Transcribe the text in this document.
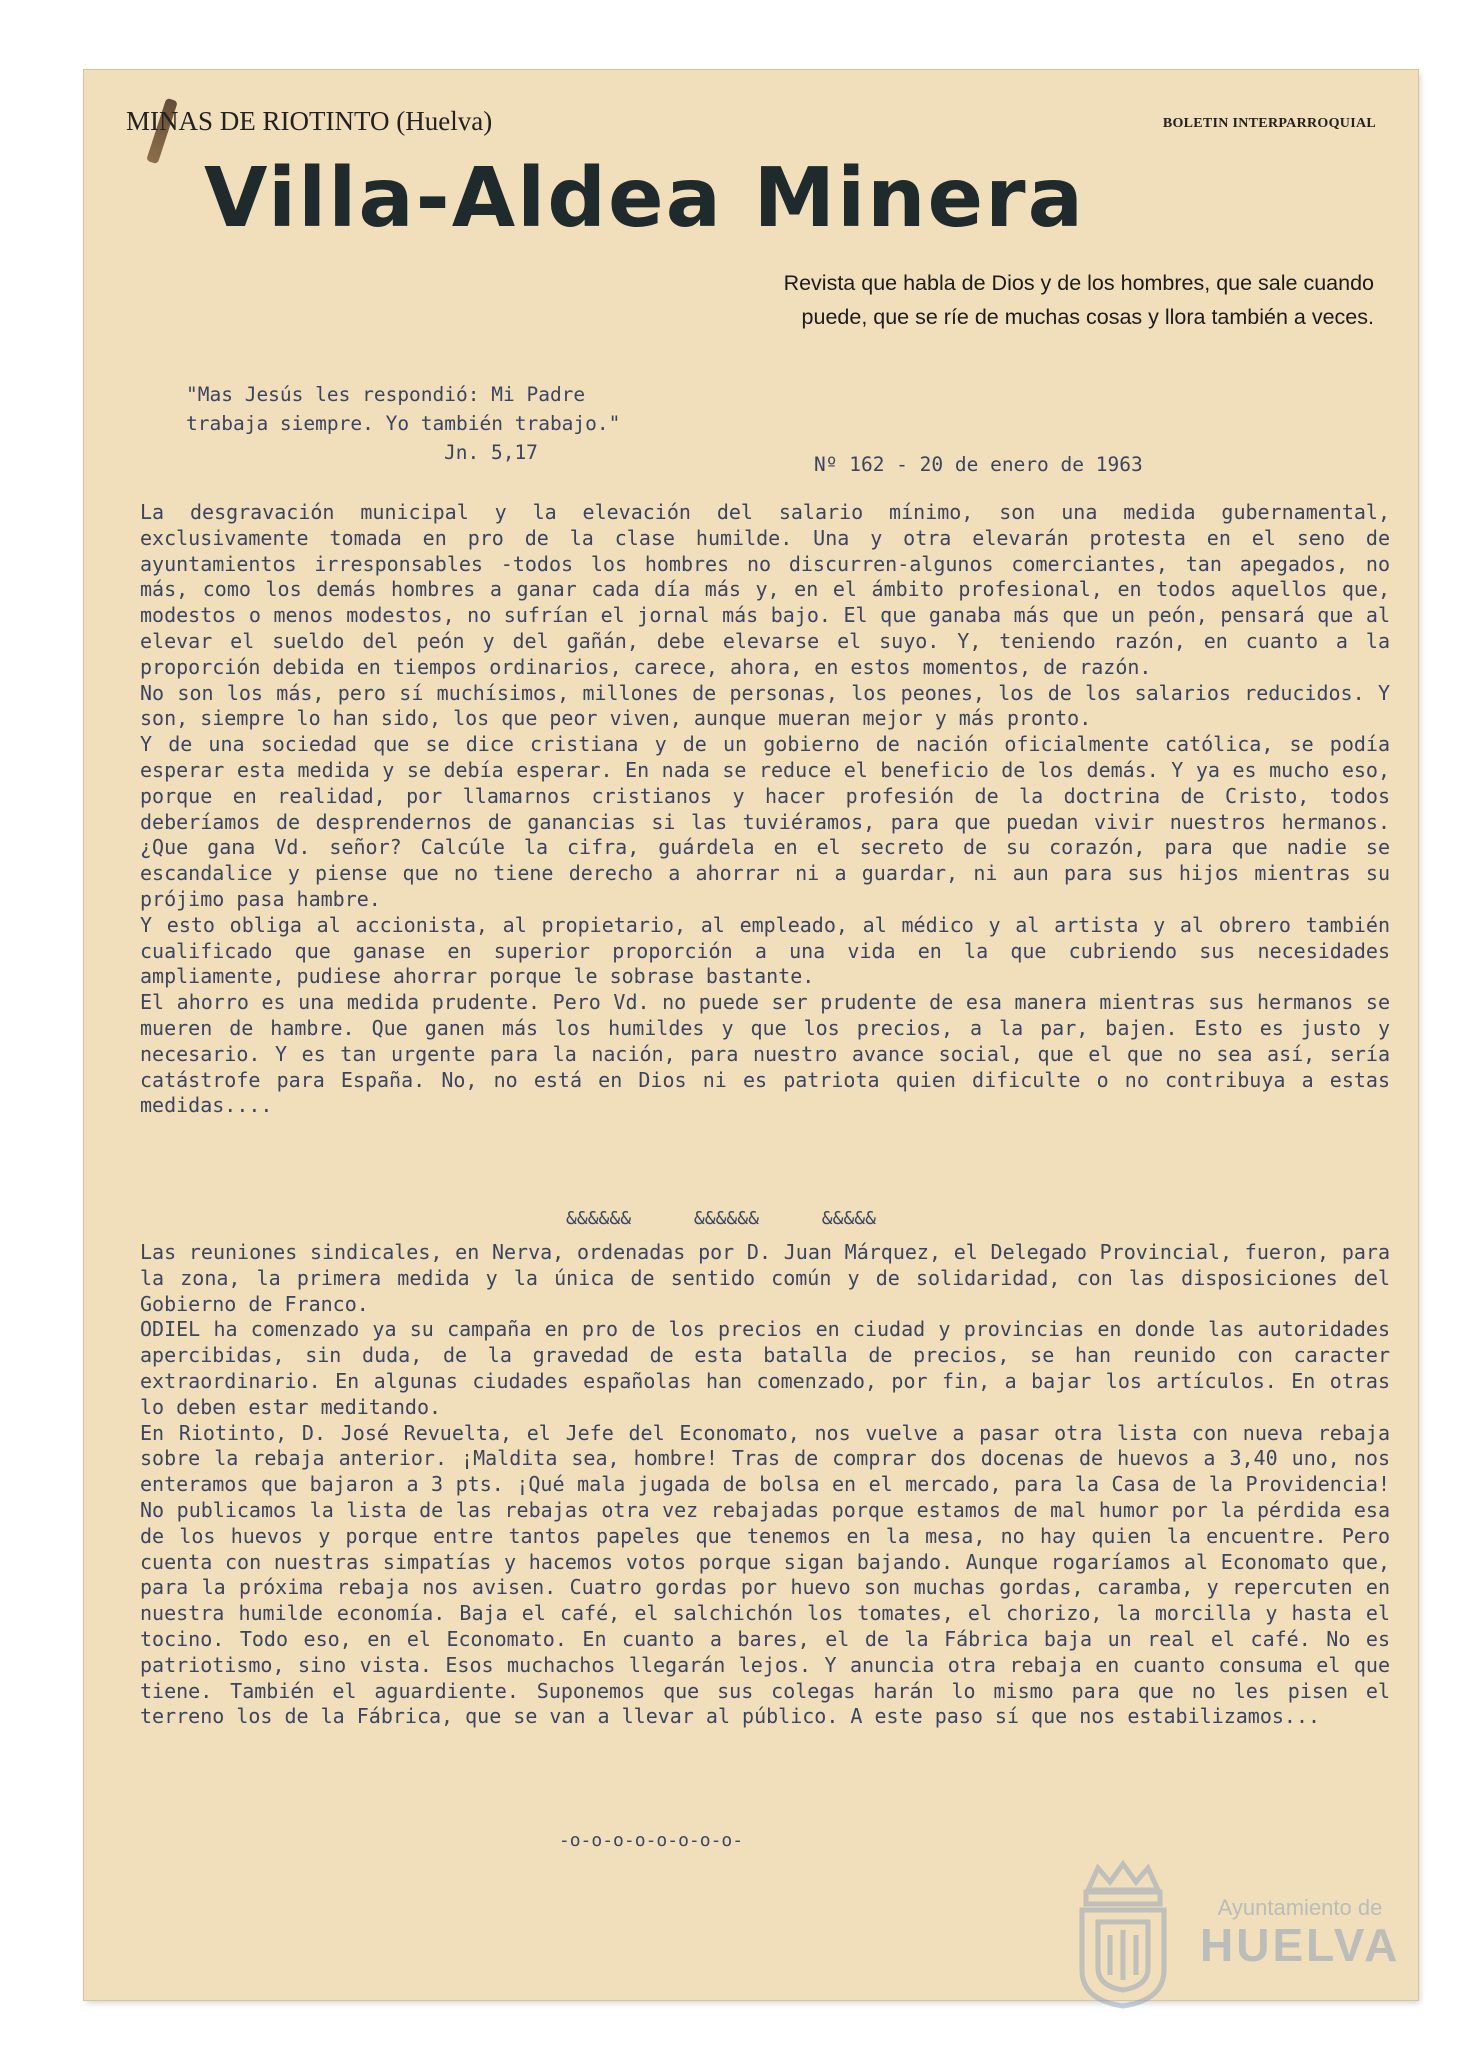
MINAS DE RIOTINTO (Huelva)	BOLETIN INTERPARROQUIAL
Villa-Aldea Minera
Revista que habla de Dios y de los hombres, que sale cuando
puede, que se ríe de muchas cosas y llora también a veces.
"Mas Jesús les respondió: Mi Padre
trabaja siempre. Yo también trabajo."
Jn. 5,17
Nº 162 - 20 de enero de 1963

La desgravación municipal y la elevación del salario mínimo, son una medida gubernamental, exclusivamente tomada en pro de la clase humilde. Una y otra elevarán protesta en el seno de ayuntamientos irresponsables -todos los hombres no discurren-algunos comerciantes, tan apegados, no más, como los demás hombres a ganar cada día más y, en el ámbito profesional, en todos aquellos que, modestos o menos modestos, no sufrían el jornal más bajo. El que ganaba más que un peón, pensará que al elevar el sueldo del peón y del gañán, debe elevarse el suyo. Y, teniendo razón, en cuanto a la proporción debida en tiempos ordinarios, carece, ahora, en estos momentos, de razón.

No son los más, pero sí muchísimos, millones de personas, los peones, los de los salarios reducidos. Y son, siempre lo han sido, los que peor viven, aunque mueran mejor y más pronto.

Y de una sociedad que se dice cristiana y de un gobierno de nación oficialmente católica, se podía esperar esta medida y se debía esperar. En nada se reduce el beneficio de los demás. Y ya es mucho eso, porque en realidad, por llamarnos cristianos y hacer profesión de la doctrina de Cristo, todos deberíamos de desprendernos de ganancias si las tuviéramos, para que puedan vivir nuestros hermanos. ¿Que gana Vd. señor? Calcúle la cifra, guárdela en el secreto de su corazón, para que nadie se escandalice y piense que no tiene derecho a ahorrar ni a guardar, ni aun para sus hijos mientras su prójimo pasa hambre.

Y esto obliga al accionista, al propietario, al empleado, al médico y al artista y al obrero también cualificado que ganase en superior proporción a una vida en la que cubriendo sus necesidades ampliamente, pudiese ahorrar porque le sobrase bastante.

El ahorro es una medida prudente. Pero Vd. no puede ser prudente de esa manera mientras sus hermanos se mueren de hambre. Que ganen más los humildes y que los precios, a la par, bajen. Esto es justo y necesario. Y es tan urgente para la nación, para nuestro avance social, que el que no sea así, sería catástrofe para España. No, no está en Dios ni es patriota quien dificulte o no contribuya a estas medidas....

&&&&&&	&&&&&&	&&&&&

Las reuniones sindicales, en Nerva, ordenadas por D. Juan Márquez, el Delegado Provincial, fueron, para la zona, la primera medida y la única de sentido común y de solidaridad, con las disposiciones del Gobierno de Franco.

ODIEL ha comenzado ya su campaña en pro de los precios en ciudad y provincias en donde las autoridades apercibidas, sin duda, de la gravedad de esta batalla de precios, se han reunido con caracter extraordinario. En algunas ciudades españolas han comenzado, por fin, a bajar los artículos. En otras lo deben estar meditando.

En Riotinto, D. José Revuelta, el Jefe del Economato, nos vuelve a pasar otra lista con nueva rebaja sobre la rebaja anterior. ¡Maldita sea, hombre! Tras de comprar dos docenas de huevos a 3,40 uno, nos enteramos que bajaron a 3 pts. ¡Qué mala jugada de bolsa en el mercado, para la Casa de la Providencia! No publicamos la lista de las rebajas otra vez rebajadas porque estamos de mal humor por la pérdida esa de los huevos y porque entre tantos papeles que tenemos en la mesa, no hay quien la encuentre. Pero cuenta con nuestras simpatías y hacemos votos porque sigan bajando. Aunque rogaríamos al Economato que, para la próxima rebaja nos avisen. Cuatro gordas por huevo son muchas gordas, caramba, y repercuten en nuestra humilde economía. Baja el café, el salchichón los tomates, el chorizo, la morcilla y hasta el tocino. Todo eso, en el Economato. En cuanto a bares, el de la Fábrica baja un real el café. No es patriotismo, sino vista. Esos muchachos llegarán lejos. Y anuncia otra rebaja en cuanto consuma el que tiene. También el aguardiente. Suponemos que sus colegas harán lo mismo para que no les pisen el terreno los de la Fábrica, que se van a llevar al público. A este paso sí que nos estabilizamos...

-o-o-o-o-o-o-o-o-
Ayuntamiento de
HUELVA
